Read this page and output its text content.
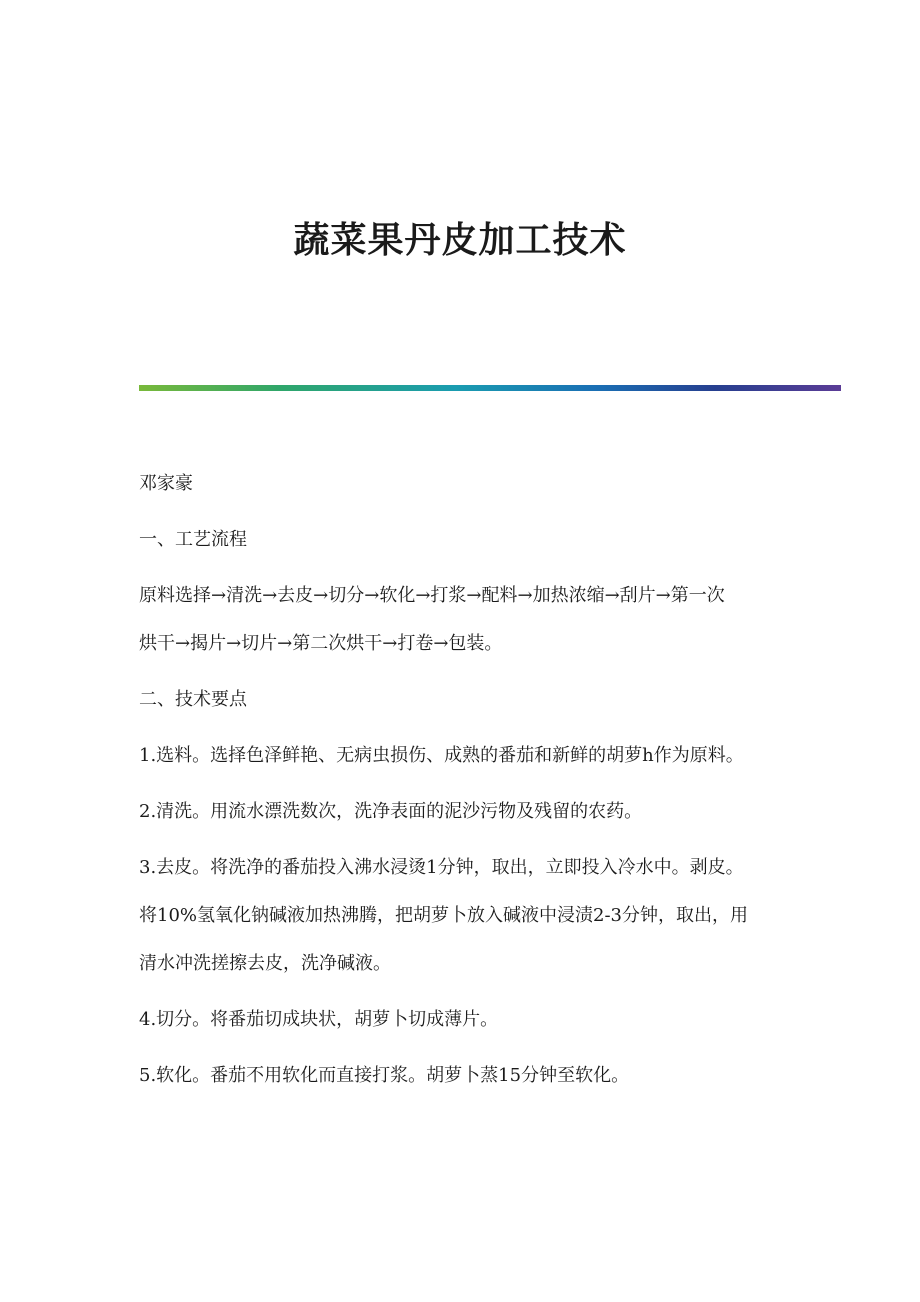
蔬菜果丹皮加工技术
邓家豪
一、工艺流程
原料选择→清洗→去皮→切分→软化→打浆→配料→加热浓缩→刮片→第一次
烘干→揭片→切片→第二次烘干→打卷→包装。
二、技术要点
1.选料。选择色泽鲜艳、无病虫损伤、成熟的番茄和新鲜的胡萝h作为原料。
2.清洗。用流水漂洗数次，洗净表面的泥沙污物及残留的农药。
3.去皮。将洗净的番茄投入沸水浸烫1分钟，取出，立即投入冷水中。剥皮。
将10%氢氧化钠碱液加热沸腾，把胡萝卜放入碱液中浸渍2-3分钟，取出，用
清水冲洗搓擦去皮，洗净碱液。
4.切分。将番茄切成块状，胡萝卜切成薄片。
5.软化。番茄不用软化而直接打浆。胡萝卜蒸15分钟至软化。
